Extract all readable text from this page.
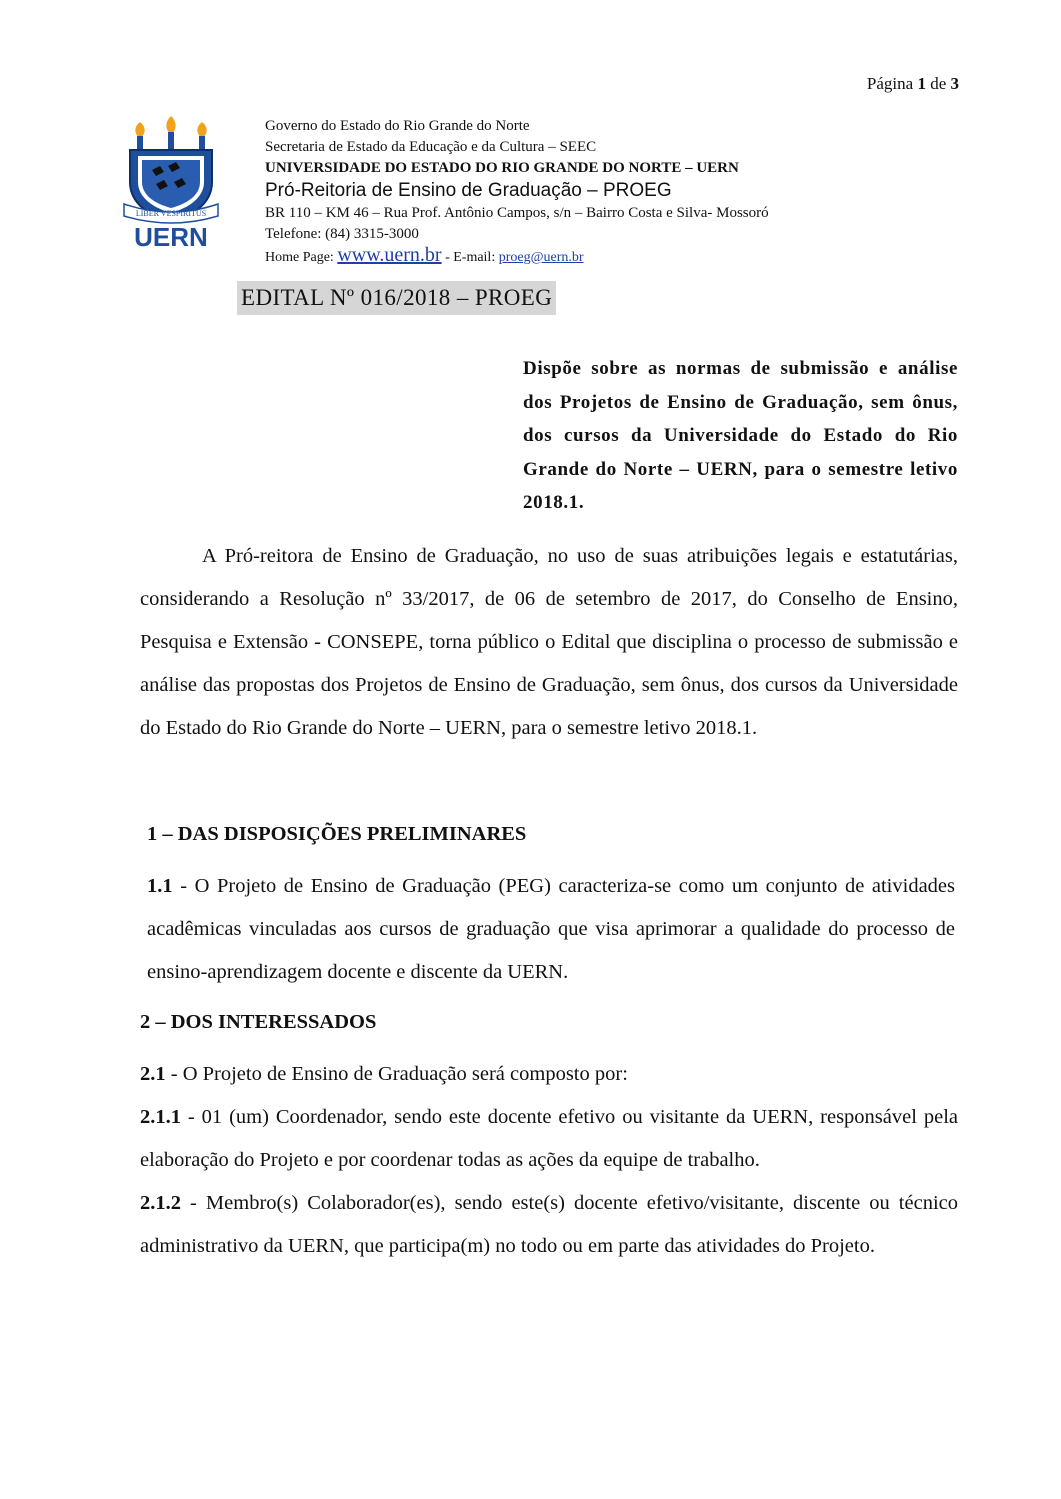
Página 1 de 3
LIBER VESPIRITUS
UERN
Governo do Estado do Rio Grande do Norte
Secretaria de Estado da Educação e da Cultura – SEEC
UNIVERSIDADE DO ESTADO DO RIO GRANDE DO NORTE – UERN
Pró-Reitoria de Ensino de Graduação – PROEG
BR 110 – KM 46 – Rua Prof. Antônio Campos, s/n – Bairro Costa e Silva- Mossoró
Telefone: (84) 3315-3000
Home Page: www.uern.br - E-mail: proeg@uern.br
EDITAL Nº 016/2018 – PROEG
Dispõe sobre as normas de submissão e análise dos Projetos de Ensino de Graduação, sem ônus, dos cursos da Universidade do Estado do Rio Grande do Norte – UERN, para o semestre letivo 2018.1.
A Pró-reitora de Ensino de Graduação, no uso de suas atribuições legais e estatutárias, considerando a Resolução nº 33/2017, de 06 de setembro de 2017, do Conselho de Ensino, Pesquisa e Extensão - CONSEPE, torna público o Edital que disciplina o processo de submissão e análise das propostas dos Projetos de Ensino de Graduação, sem ônus, dos cursos da Universidade do Estado do Rio Grande do Norte – UERN, para o semestre letivo 2018.1.
1 – DAS DISPOSIÇÕES PRELIMINARES
1.1 - O Projeto de Ensino de Graduação (PEG) caracteriza-se como um conjunto de atividades acadêmicas vinculadas aos cursos de graduação que visa aprimorar a qualidade do processo de ensino-aprendizagem docente e discente da UERN.
2 – DOS INTERESSADOS

2.1 - O Projeto de Ensino de Graduação será composto por:

2.1.1 - 01 (um) Coordenador, sendo este docente efetivo ou visitante da UERN, responsável pela elaboração do Projeto e por coordenar todas as ações da equipe de trabalho.

2.1.2 - Membro(s) Colaborador(es), sendo este(s) docente efetivo/visitante, discente ou técnico administrativo da UERN, que participa(m) no todo ou em parte das atividades do Projeto.
